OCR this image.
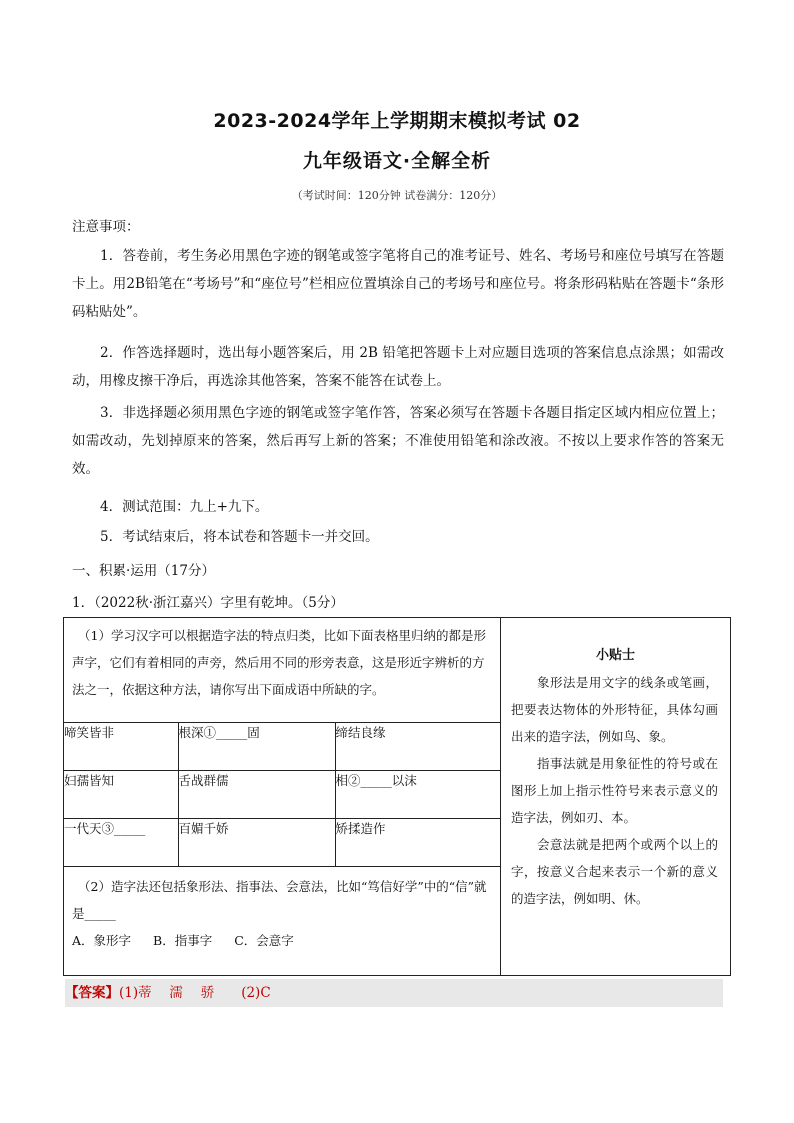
2023-2024学年上学期期末模拟考试 02
九年级语文·全解全析
（考试时间：120分钟 试卷满分：120分）
注意事项：
1．答卷前，考生务必用黑色字迹的钢笔或签字笔将自己的准考证号、姓名、考场号和座位号填写在答题卡上。用2B铅笔在“考场号”和“座位号”栏相应位置填涂自己的考场号和座位号。将条形码粘贴在答题卡“条形码粘贴处”。
2．作答选择题时，选出每小题答案后，用 2B 铅笔把答题卡上对应题目选项的答案信息点涂黑；如需改动，用橡皮擦干净后，再选涂其他答案，答案不能答在试卷上。
3．非选择题必须用黑色字迹的钢笔或签字笔作答，答案必须写在答题卡各题目指定区域内相应位置上；如需改动，先划掉原来的答案，然后再写上新的答案；不准使用铅笔和涂改液。不按以上要求作答的答案无效。
4．测试范围：九上+九下。
5．考试结束后，将本试卷和答题卡一并交回。
一、积累·运用（17分）
1．（2022秋·浙江嘉兴）字里有乾坤。（5分）
（1）学习汉字可以根据造字法的特点归类，比如下面表格里归纳的都是形声字，它们有着相同的声旁，然后用不同的形旁表意，这是形近字辨析的方法之一，依据这种方法，请你写出下面成语中所缺的字。

啼笑皆非	根深①_____固	缔结良缘
妇孺皆知	舌战群儒	相②_____以沫
一代天③_____	百媚千娇	矫揉造作

（2）造字法还包括象形法、指事法、会意法，比如“笃信好学”中的“信”就是_____
A．象形字 B．指事字 C．会意字

小贴士
象形法是用文字的线条或笔画，把要表达物体的外形特征，具体勾画出来的造字法，例如鸟、象。
指事法就是用象征性的符号或在图形上加上指示性符号来表示意义的造字法，例如刃、本。
会意法就是把两个或两个以上的字，按意义合起来表示一个新的意义的造字法，例如明、休。
【答案】(1)蒂　 濡　 骄　　(2)C
